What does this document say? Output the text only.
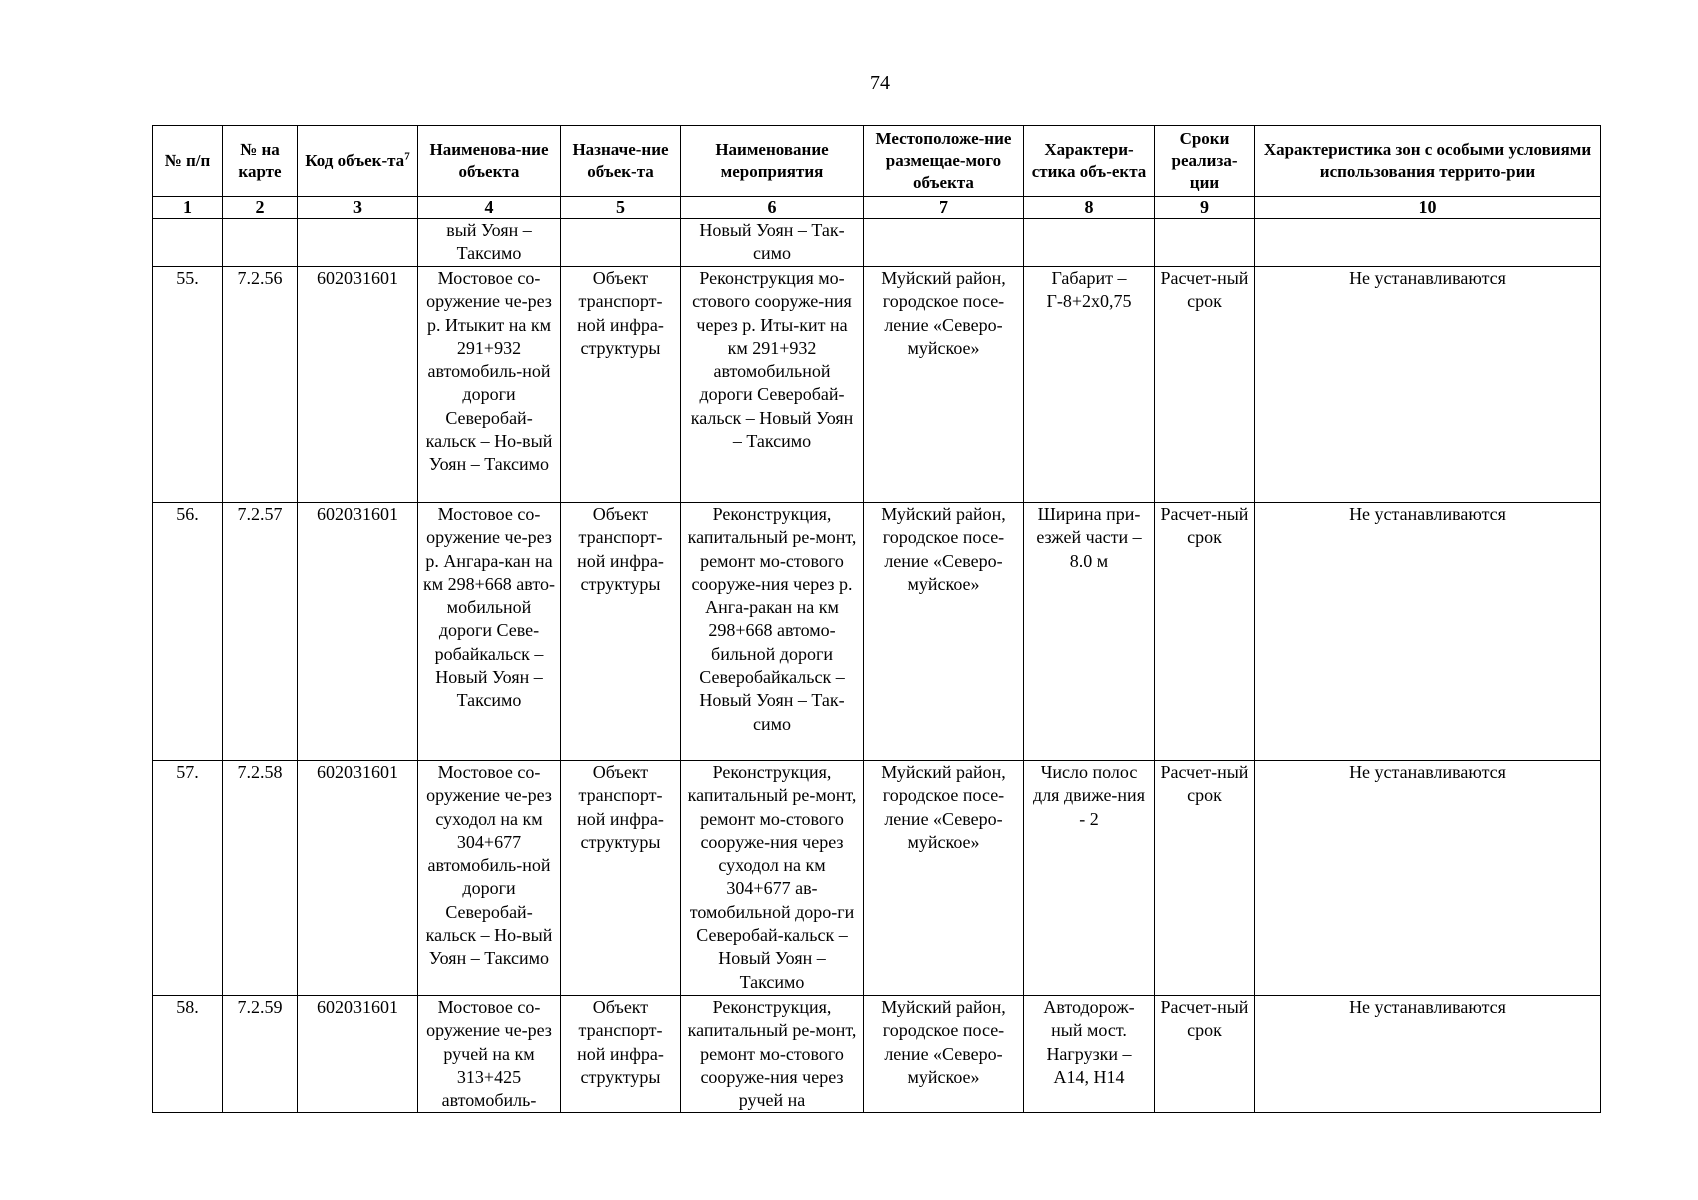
74
№ п/п	№ на карте	Код объек-$та^7$	Наименова-ние объекта	Назначе-ние объек-та	Наименование мероприятия	Местоположе-ние размещае-мого объекта	Характери-стика объ-екта	Сроки реализа-ции	Характеристика зон с особыми условиями использования террито-рии
1	2	3	4	5	6	7	8	9	10
			вый Уоян – Таксимо		Новый Уоян – Так-симо				
55.	7.2.56	602031601	Мостовое со-оружение че-рез р. Итыкит на км 291+932 автомобиль-ной дороги Северобай-кальск – Но-вый Уоян – Таксимо	Объект транспорт-ной инфра-структуры	Реконструкция мо-стового сооруже-ния через р. Иты-кит на км 291+932 автомобильной дороги Северобай-кальск – Новый Уоян – Таксимо	Муйский район, городское посе-ление «Северо-муйское»	Габарит – Г-8+2х0,75	Расчет-ный срок	Не устанавливаются
56.	7.2.57	602031601	Мостовое со-оружение че-рез р. Ангара-кан на км 298+668 авто-мобильной дороги Севе-робайкальск – Новый Уоян – Таксимо	Объект транспорт-ной инфра-структуры	Реконструкция, капитальный ре-монт, ремонт мо-стового сооруже-ния через р. Анга-ракан на км 298+668 автомо-бильной дороги Северобайкальск – Новый Уоян – Так-симо	Муйский район, городское посе-ление «Северо-муйское»	Ширина при-езжей части – 8.0 м	Расчет-ный срок	Не устанавливаются
57.	7.2.58	602031601	Мостовое со-оружение че-рез суходол на км 304+677 автомобиль-ной дороги Северобай-кальск – Но-вый Уоян – Таксимо	Объект транспорт-ной инфра-структуры	Реконструкция, капитальный ре-монт, ремонт мо-стового сооруже-ния через суходол на км 304+677 ав-томобильной доро-ги Северобай-кальск – Новый Уоян – Таксимо	Муйский район, городское посе-ление «Северо-муйское»	Число полос для движе-ния - 2	Расчет-ный срок	Не устанавливаются
58.	7.2.59	602031601	Мостовое со-оружение че-рез ручей на км 313+425 автомобиль-	Объект транспорт-ной инфра-структуры	Реконструкция, капитальный ре-монт, ремонт мо-стового сооруже-ния через ручей на	Муйский район, городское посе-ление «Северо-муйское»	Автодорож-ный мост. Нагрузки – А14, Н14	Расчет-ный срок	Не устанавливаются
